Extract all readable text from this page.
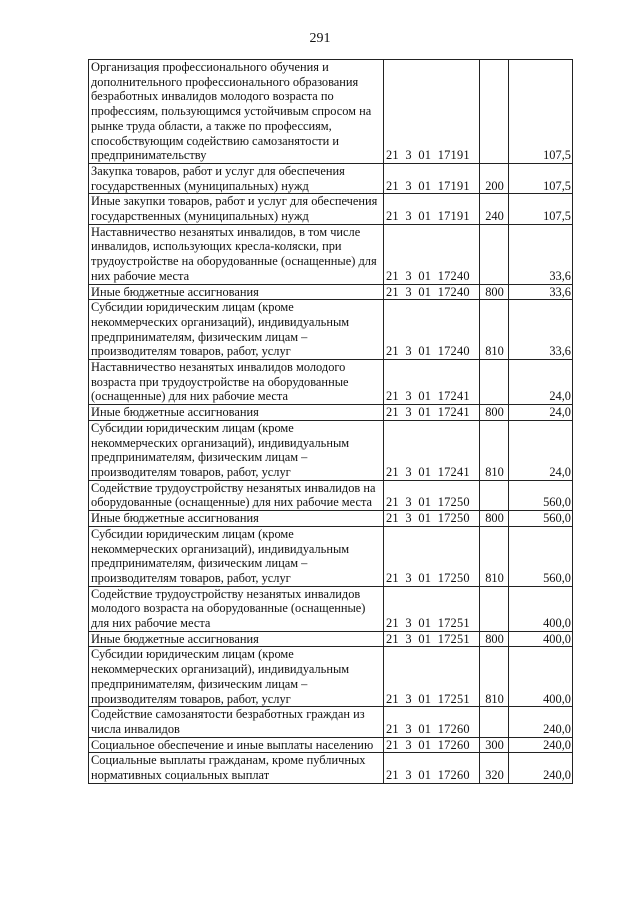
291
Организация профессионального обучения и дополнительного профессионального образования безработных инвалидов молодого возраста по профессиям, пользующимся устойчивым спросом на рынке труда области, а также по профессиям, способствующим содействию самозанятости и предпринимательству	21  3  01  17191		107,5
Закупка товаров, работ и услуг для обеспечения государственных (муниципальных) нужд	21  3  01  17191	200	107,5
Иные закупки товаров, работ и услуг для обеспечения государственных (муниципальных) нужд	21  3  01  17191	240	107,5
Наставничество незанятых инвалидов, в том числе инвалидов, использующих кресла-коляски, при трудоустройстве на оборудованные (оснащенные) для них рабочие места	21  3  01  17240		33,6
Иные бюджетные ассигнования	21  3  01  17240	800	33,6
Субсидии юридическим лицам (кроме некоммерческих организаций), индивидуальным предпринимателям, физическим лицам – производителям товаров, работ, услуг	21  3  01  17240	810	33,6
Наставничество незанятых инвалидов молодого возраста при трудоустройстве на оборудованные (оснащенные) для них рабочие места	21  3  01  17241		24,0
Иные бюджетные ассигнования	21  3  01  17241	800	24,0
Субсидии юридическим лицам (кроме некоммерческих организаций), индивидуальным предпринимателям, физическим лицам – производителям товаров, работ, услуг	21  3  01  17241	810	24,0
Содействие трудоустройству незанятых инвалидов на оборудованные (оснащенные) для них рабочие места	21  3  01  17250		560,0
Иные бюджетные ассигнования	21  3  01  17250	800	560,0
Субсидии юридическим лицам (кроме некоммерческих организаций), индивидуальным предпринимателям, физическим лицам – производителям товаров, работ, услуг	21  3  01  17250	810	560,0
Содействие трудоустройству незанятых инвалидов молодого возраста на оборудованные (оснащенные) для них рабочие места	21  3  01  17251		400,0
Иные бюджетные ассигнования	21  3  01  17251	800	400,0
Субсидии юридическим лицам (кроме некоммерческих организаций), индивидуальным предпринимателям, физическим лицам – производителям товаров, работ, услуг	21  3  01  17251	810	400,0
Содействие самозанятости безработных граждан из числа инвалидов	21  3  01  17260		240,0
Социальное обеспечение и иные выплаты населению	21  3  01  17260	300	240,0
Социальные выплаты гражданам, кроме публичных нормативных социальных выплат	21  3  01  17260	320	240,0
